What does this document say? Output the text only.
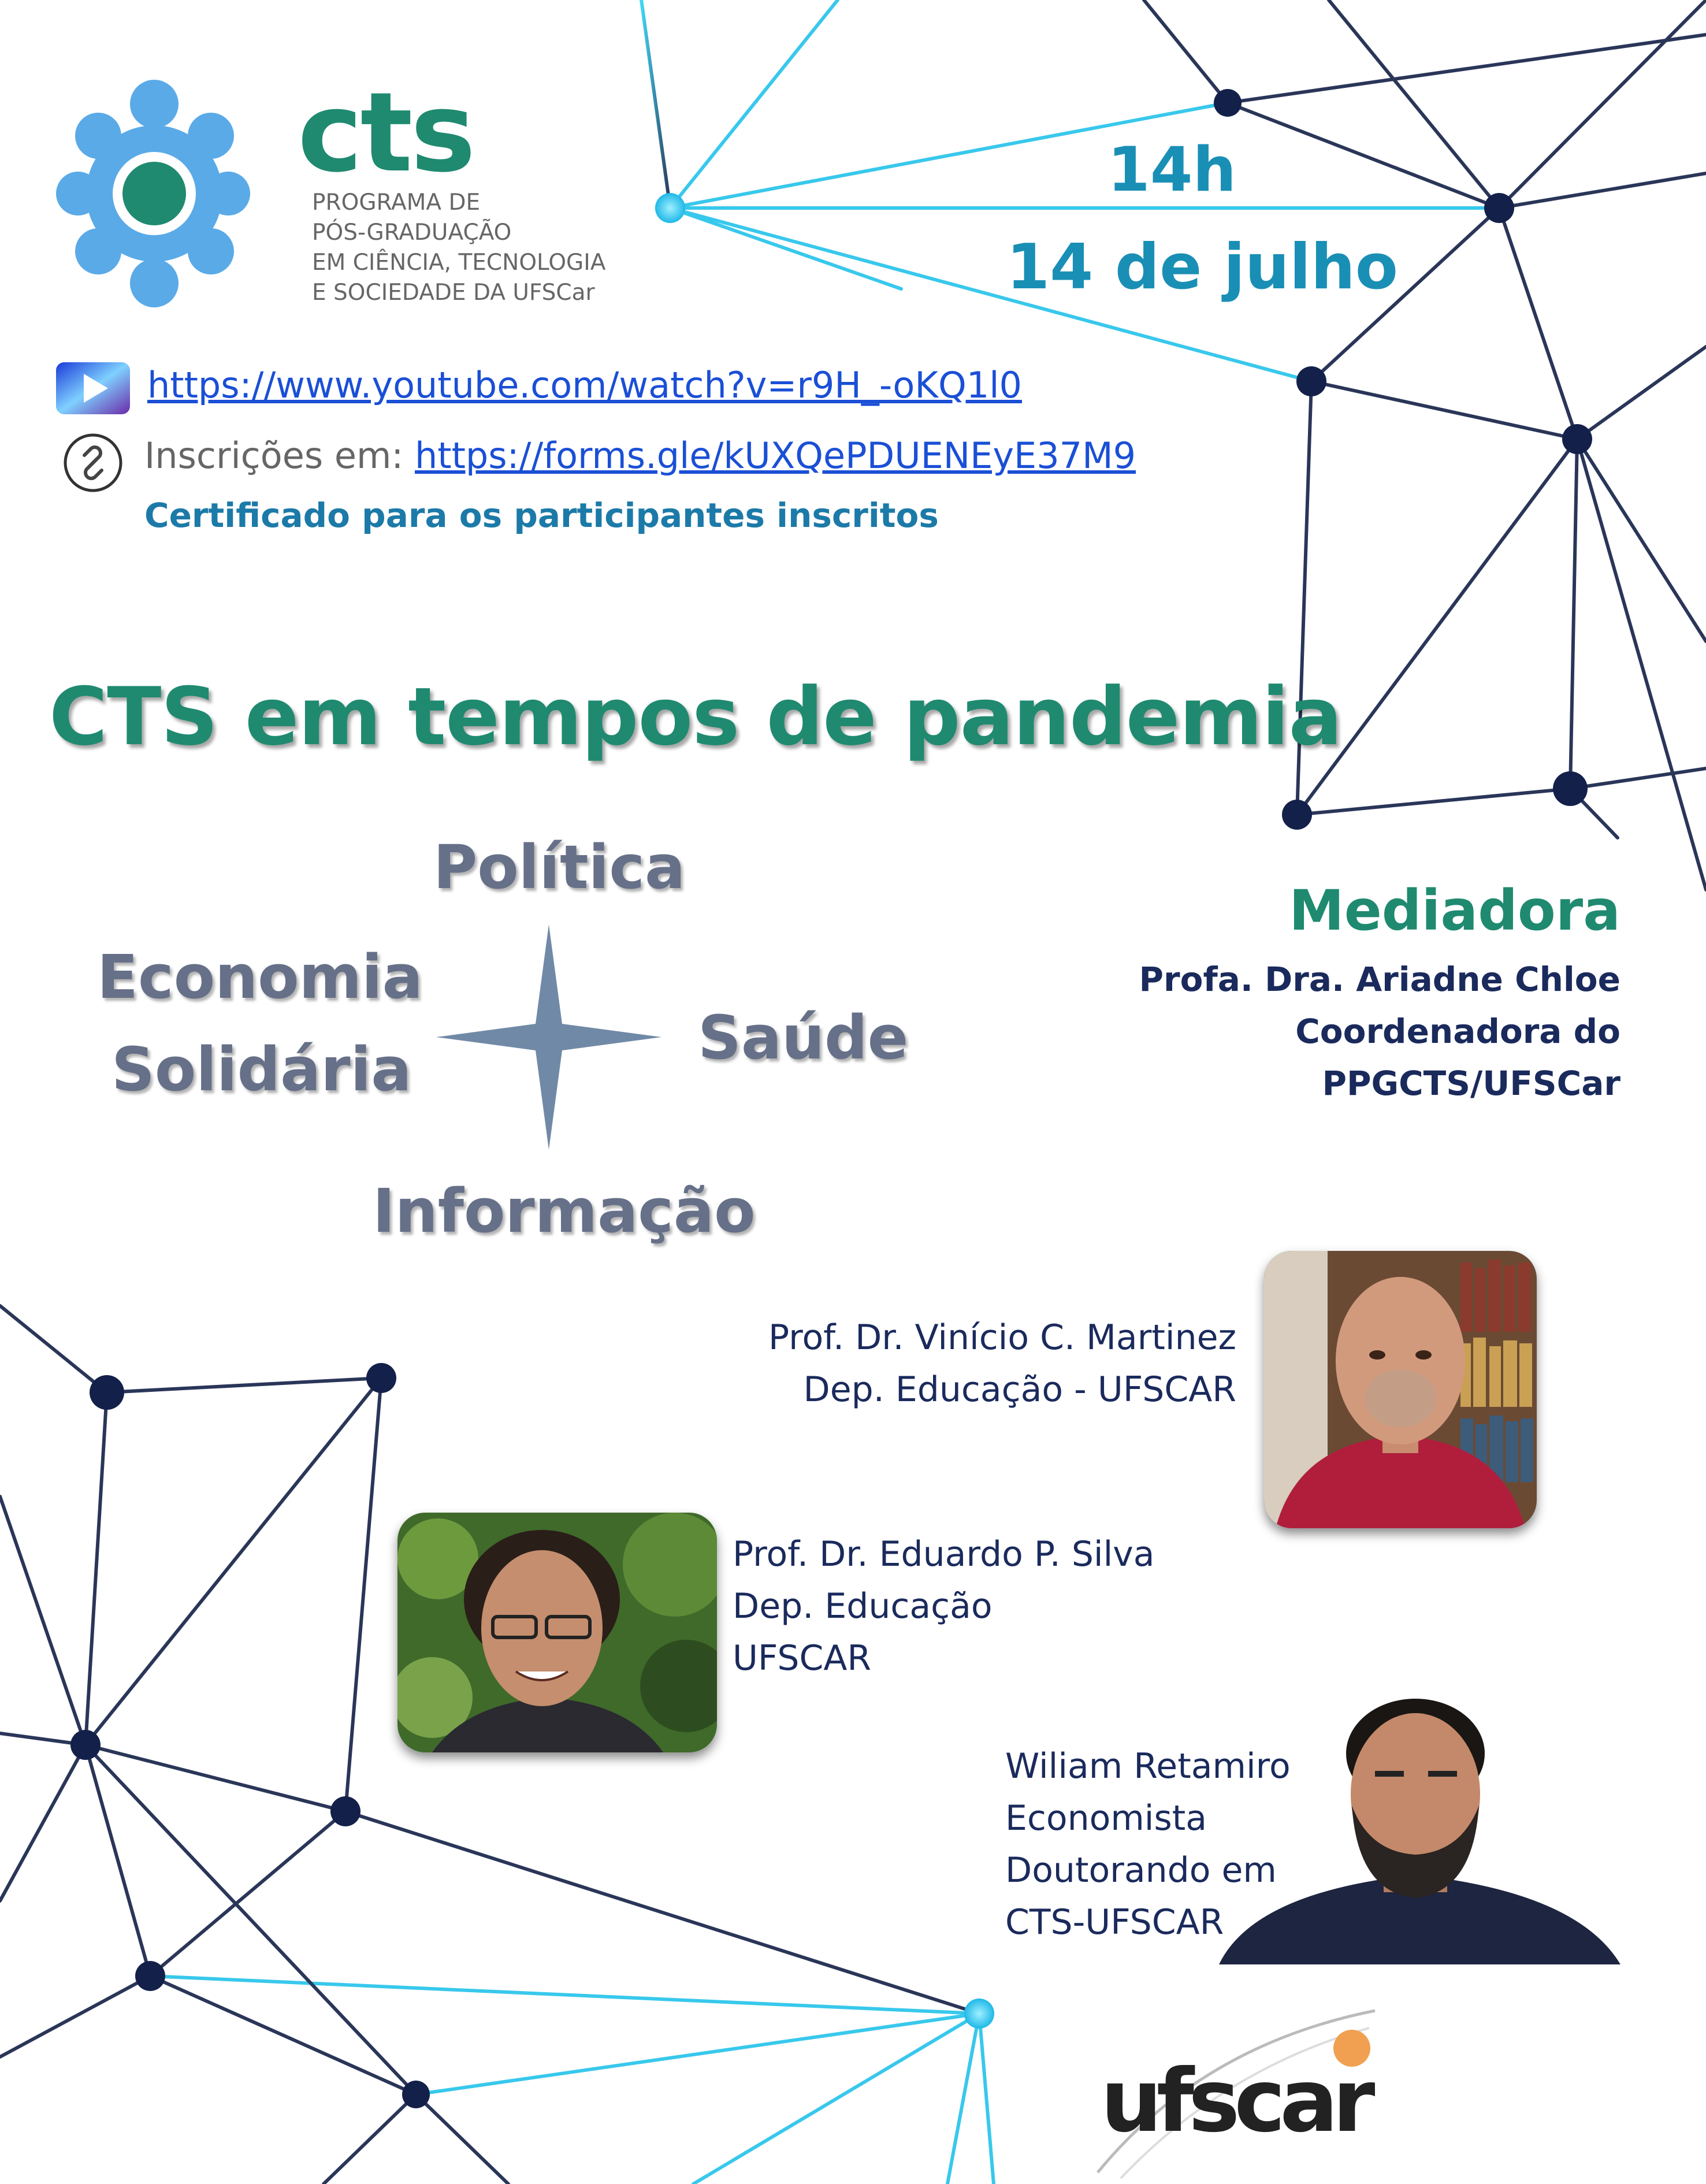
cts
PROGRAMA DE
PÓS-GRADUAÇÃO
EM CIÊNCIA, TECNOLOGIA
E SOCIEDADE DA UFSCar
14h
14 de julho
https://www.youtube.com/watch?v=r9H_-oKQ1l0
Inscrições em: https://forms.gle/kUXQePDUENEyE37M9
Certificado para os participantes inscritos
CTS em tempos de pandemia
Política
Economia
Solidária	Saúde
Informação
Mediadora
Profa. Dra. Ariadne Chloe
Coordenadora do
PPGCTS/UFSCar
Prof. Dr. Vinício C. Martinez
Dep. Educação - UFSCAR
Prof. Dr. Eduardo P. Silva
Dep. Educação
UFSCAR
Wiliam Retamiro
Economista
Doutorando em
CTS-UFSCAR
ufscar
